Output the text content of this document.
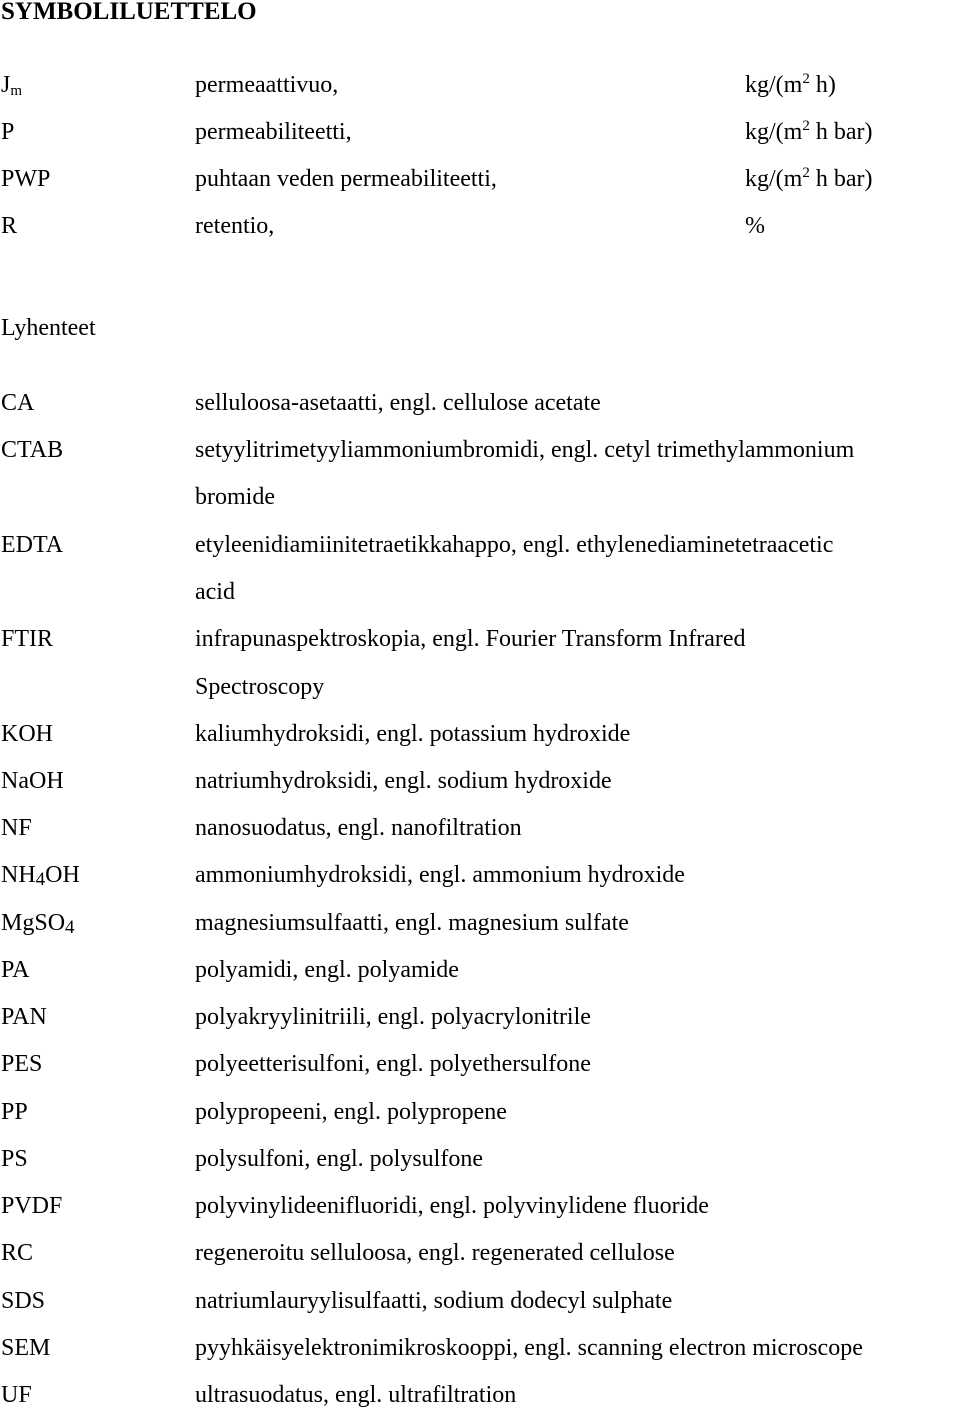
SYMBOLILUETTELO
Jm	permeaattivuo,	$kg/(m^2$ h)
P	permeabiliteetti,	$kg/(m^2$ h bar)
PWP	puhtaan veden permeabiliteetti,	$kg/(m^2$ h bar)
R	retentio,	%
Lyhenteet
CA	selluloosa-asetaatti, engl. cellulose acetate
CTAB	setyylitrimetyyliammoniumbromidi, engl. cetyl trimethylammonium
bromide
EDTA	etyleenidiamiinitetraetikkahappo, engl. ethylenediaminetetraacetic
acid
FTIR	infrapunaspektroskopia, engl. Fourier Transform Infrared
Spectroscopy
KOH	kaliumhydroksidi, engl. potassium hydroxide
NaOH	natriumhydroksidi, engl. sodium hydroxide
NF	nanosuodatus, engl. nanofiltration
NH4OH	ammoniumhydroksidi, engl. ammonium hydroxide
MgSO4	magnesiumsulfaatti, engl. magnesium sulfate
PA	polyamidi, engl. polyamide
PAN	polyakryylinitriili, engl. polyacrylonitrile
PES	polyeetterisulfoni, engl. polyethersulfone
PP	polypropeeni, engl. polypropene
PS	polysulfoni, engl. polysulfone
PVDF	polyvinylideenifluoridi, engl. polyvinylidene fluoride
RC	regeneroitu selluloosa, engl. regenerated cellulose
SDS	natriumlauryylisulfaatti, sodium dodecyl sulphate
SEM	pyyhkäisyelektronimikroskooppi, engl. scanning electron microscope
UF	ultrasuodatus, engl. ultrafiltration
